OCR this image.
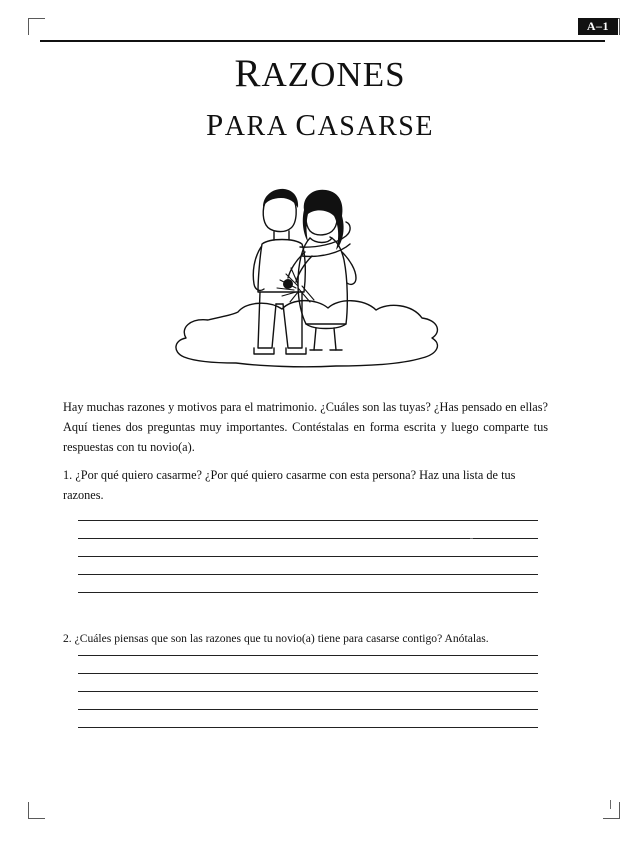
A–1
RAZONES
PARA CASARSE
Hay muchas razones y motivos para el matrimonio. ¿Cuáles son las tuyas? ¿Has pensado en ellas? Aquí tienes dos preguntas muy importantes. Contéstalas en forma escrita y luego comparte tus respuestas con tu novio(a).
1. ¿Por qué quiero casarme? ¿Por qué quiero casarme con esta persona? Haz una lista de tus razones.
2. ¿Cuáles piensas que son las razones que tu novio(a) tiene para casarse contigo? Anótalas.
